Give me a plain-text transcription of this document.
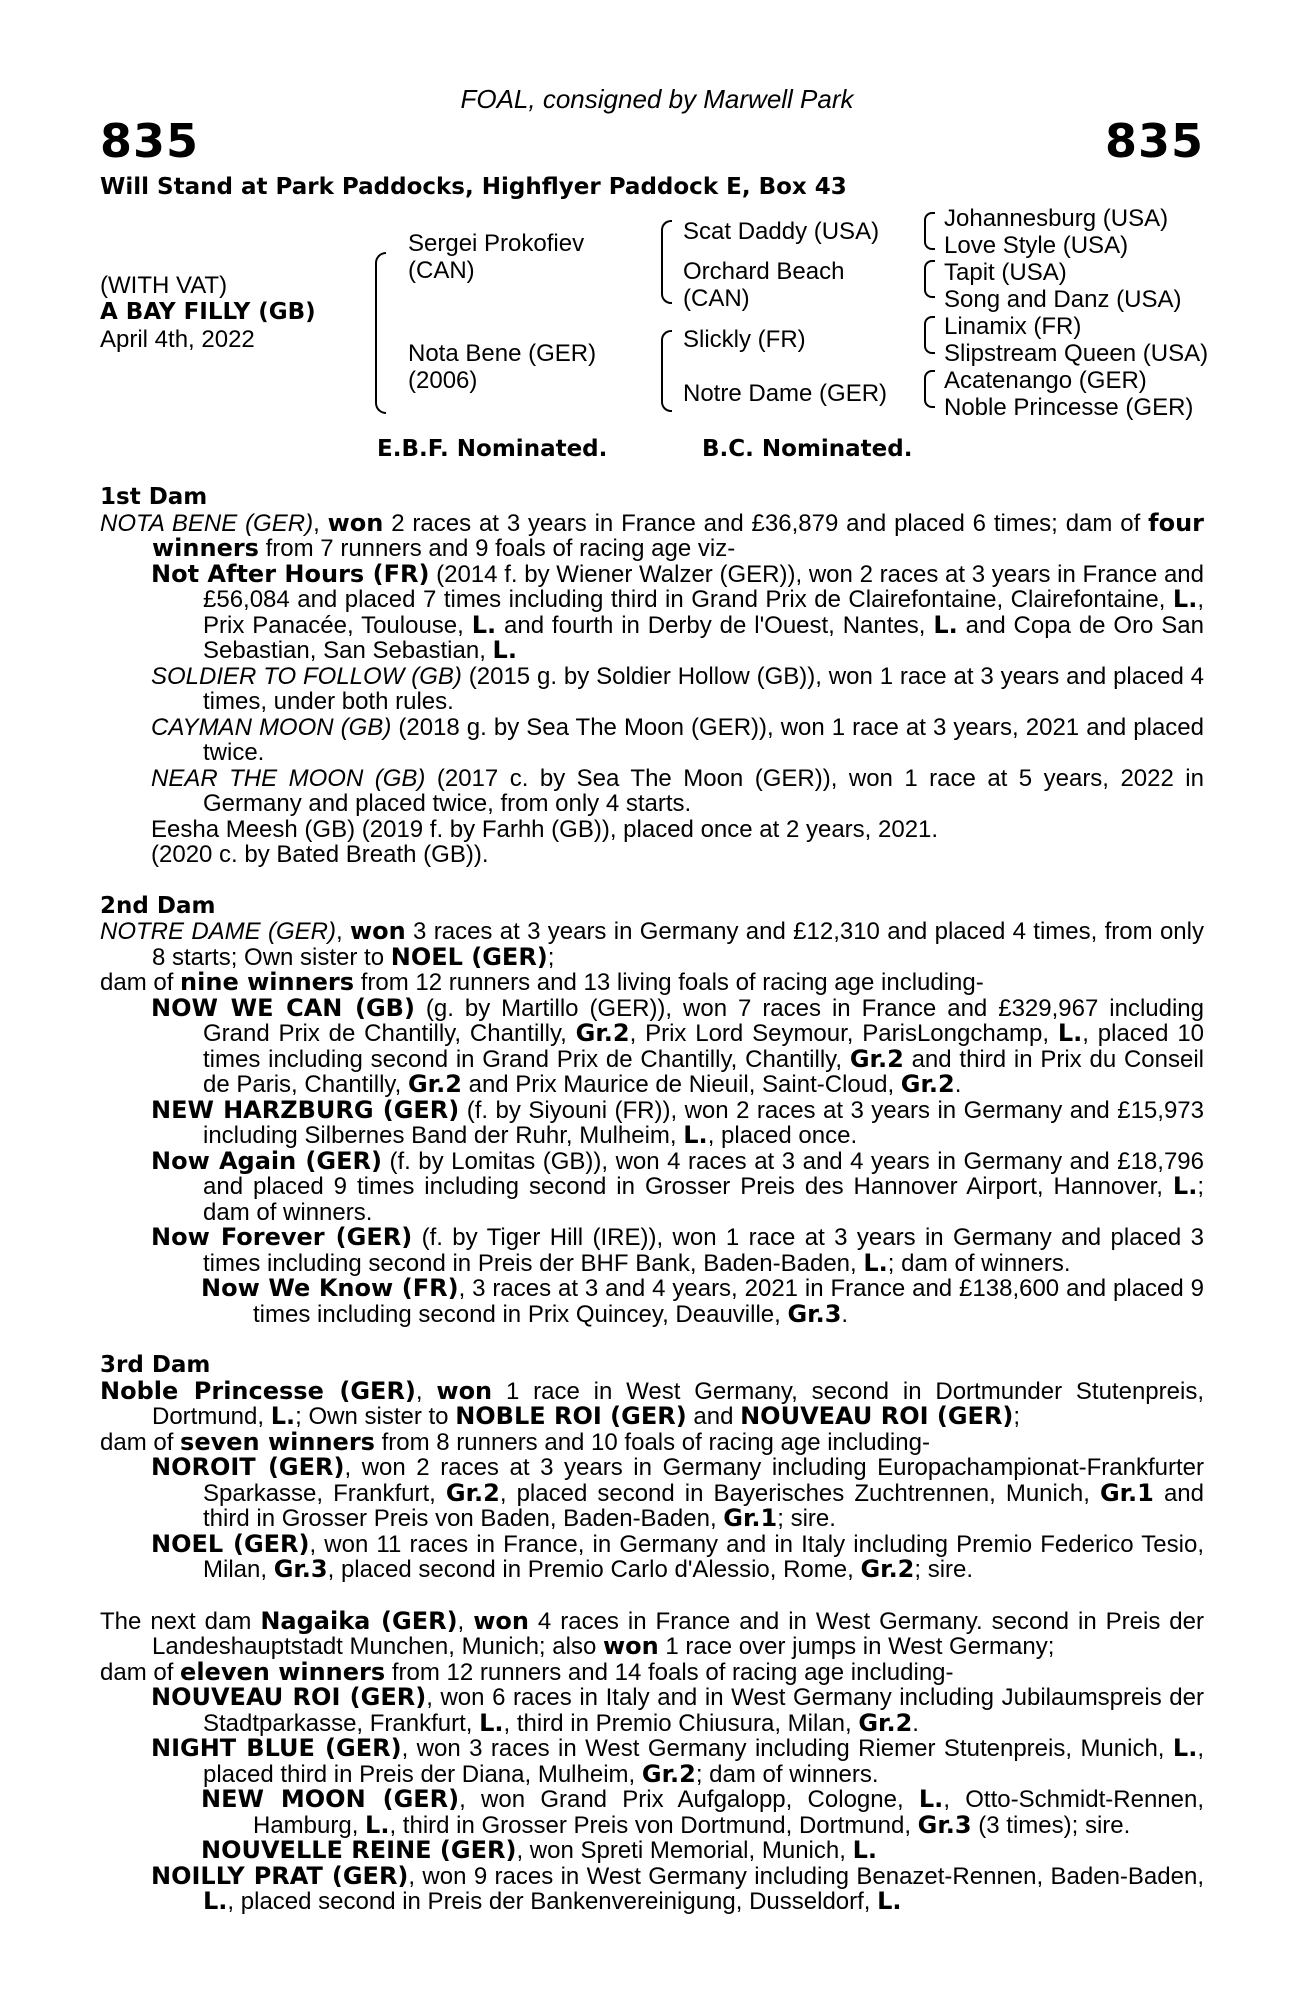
FOAL, consigned by Marwell Park
835	835
Will Stand at Park Paddocks, Highflyer Paddock E, Box 43
(WITH VAT)
A BAY FILLY (GB)
April 4th, 2022
Sergei Prokofiev
(CAN)
Nota Bene (GER)
(2006)
Scat Daddy (USA)
Orchard Beach
(CAN)
Slickly (FR)
Notre Dame (GER)
Johannesburg (USA)
Love Style (USA)
Tapit (USA)
Song and Danz (USA)
Linamix (FR)
Slipstream Queen (USA)
Acatenango (GER)
Noble Princesse (GER)
E.B.F. Nominated.	B.C. Nominated.

1st Dam

NOTA BENE (GER), won 2 races at 3 years in France and £36,879 and placed 6 times; dam of four winners from 7 runners and 9 foals of racing age viz-

Not After Hours (FR) (2014 f. by Wiener Walzer (GER)), won 2 races at 3 years in France and £56,084 and placed 7 times including third in Grand Prix de Clairefontaine, Clairefontaine, L., Prix Panacée, Toulouse, L. and fourth in Derby de l'Ouest, Nantes, L. and Copa de Oro San Sebastian, San Sebastian, L.

SOLDIER TO FOLLOW (GB) (2015 g. by Soldier Hollow (GB)), won 1 race at 3 years and placed 4 times, under both rules.

CAYMAN MOON (GB) (2018 g. by Sea The Moon (GER)), won 1 race at 3 years, 2021 and placed twice.

NEAR THE MOON (GB) (2017 c. by Sea The Moon (GER)), won 1 race at 5 years, 2022 in Germany and placed twice, from only 4 starts.

Eesha Meesh (GB) (2019 f. by Farhh (GB)), placed once at 2 years, 2021.

(2020 c. by Bated Breath (GB)).

2nd Dam

NOTRE DAME (GER), won 3 races at 3 years in Germany and £12,310 and placed 4 times, from only 8 starts; Own sister to NOEL (GER);

dam of nine winners from 12 runners and 13 living foals of racing age including-

NOW WE CAN (GB) (g. by Martillo (GER)), won 7 races in France and £329,967 including Grand Prix de Chantilly, Chantilly, Gr.2, Prix Lord Seymour, ParisLongchamp, L., placed 10 times including second in Grand Prix de Chantilly, Chantilly, Gr.2 and third in Prix du Conseil de Paris, Chantilly, Gr.2 and Prix Maurice de Nieuil, Saint-Cloud, Gr.2.

NEW HARZBURG (GER) (f. by Siyouni (FR)), won 2 races at 3 years in Germany and £15,973 including Silbernes Band der Ruhr, Mulheim, L., placed once.

Now Again (GER) (f. by Lomitas (GB)), won 4 races at 3 and 4 years in Germany and £18,796 and placed 9 times including second in Grosser Preis des Hannover Airport, Hannover, L.; dam of winners.

Now Forever (GER) (f. by Tiger Hill (IRE)), won 1 race at 3 years in Germany and placed 3 times including second in Preis der BHF Bank, Baden-Baden, L.; dam of winners.

Now We Know (FR), 3 races at 3 and 4 years, 2021 in France and £138,600 and placed 9 times including second in Prix Quincey, Deauville, Gr.3.

3rd Dam

Noble Princesse (GER), won 1 race in West Germany, second in Dortmunder Stutenpreis, Dortmund, L.; Own sister to NOBLE ROI (GER) and NOUVEAU ROI (GER);

dam of seven winners from 8 runners and 10 foals of racing age including-

NOROIT (GER), won 2 races at 3 years in Germany including Europachampionat-Frankfurter Sparkasse, Frankfurt, Gr.2, placed second in Bayerisches Zuchtrennen, Munich, Gr.1 and third in Grosser Preis von Baden, Baden-Baden, Gr.1; sire.

NOEL (GER), won 11 races in France, in Germany and in Italy including Premio Federico Tesio, Milan, Gr.3, placed second in Premio Carlo d'Alessio, Rome, Gr.2; sire.

The next dam Nagaika (GER), won 4 races in France and in West Germany. second in Preis der Landeshauptstadt Munchen, Munich; also won 1 race over jumps in West Germany;

dam of eleven winners from 12 runners and 14 foals of racing age including-

NOUVEAU ROI (GER), won 6 races in Italy and in West Germany including Jubilaumspreis der Stadtparkasse, Frankfurt, L., third in Premio Chiusura, Milan, Gr.2.

NIGHT BLUE (GER), won 3 races in West Germany including Riemer Stutenpreis, Munich, L., placed third in Preis der Diana, Mulheim, Gr.2; dam of winners.

NEW MOON (GER), won Grand Prix Aufgalopp, Cologne, L., Otto-Schmidt-Rennen, Hamburg, L., third in Grosser Preis von Dortmund, Dortmund, Gr.3 (3 times); sire.

NOUVELLE REINE (GER), won Spreti Memorial, Munich, L.

NOILLY PRAT (GER), won 9 races in West Germany including Benazet-Rennen, Baden-Baden, L., placed second in Preis der Bankenvereinigung, Dusseldorf, L.
